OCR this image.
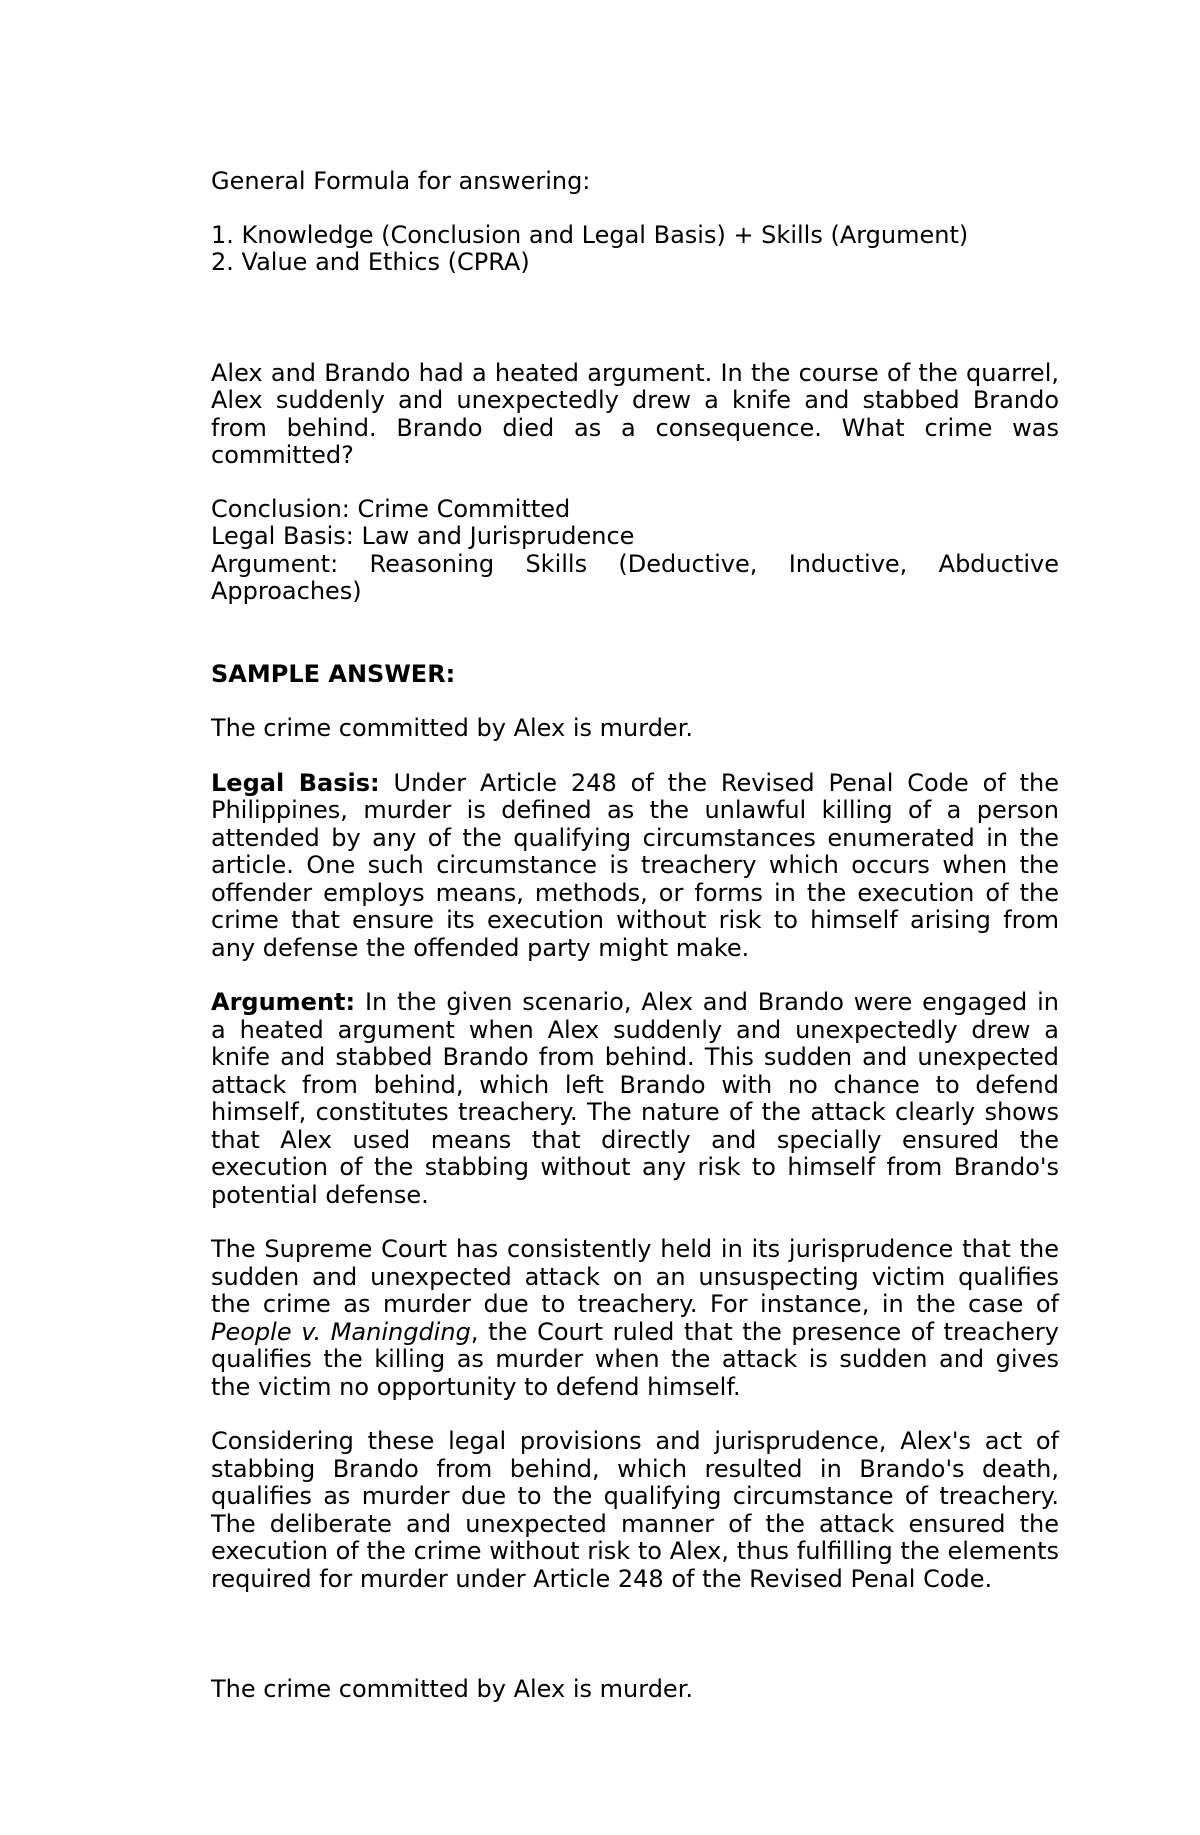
General Formula for answering:

1. Knowledge (Conclusion and Legal Basis) + Skills (Argument)

2. Value and Ethics (CPRA)

Alex and Brando had a heated argument. In the course of the quarrel, Alex suddenly and unexpectedly drew a knife and stabbed Brando from behind. Brando died as a consequence. What crime was committed?

Conclusion: Crime Committed

Legal Basis: Law and Jurisprudence

Argument: Reasoning Skills (Deductive, Inductive, Abductive Approaches)

SAMPLE ANSWER:

The crime committed by Alex is murder.

Legal Basis: Under Article 248 of the Revised Penal Code of the Philippines, murder is defined as the unlawful killing of a person attended by any of the qualifying circumstances enumerated in the article. One such circumstance is treachery which occurs when the offender employs means, methods, or forms in the execution of the crime that ensure its execution without risk to himself arising from any defense the offended party might make.

Argument: In the given scenario, Alex and Brando were engaged in a heated argument when Alex suddenly and unexpectedly drew a knife and stabbed Brando from behind. This sudden and unexpected attack from behind, which left Brando with no chance to defend himself, constitutes treachery. The nature of the attack clearly shows that Alex used means that directly and specially ensured the execution of the stabbing without any risk to himself from Brando's potential defense.

The Supreme Court has consistently held in its jurisprudence that the sudden and unexpected attack on an unsuspecting victim qualifies the crime as murder due to treachery. For instance, in the case of People v. Maningding, the Court ruled that the presence of treachery qualifies the killing as murder when the attack is sudden and gives the victim no opportunity to defend himself.

Considering these legal provisions and jurisprudence, Alex's act of stabbing Brando from behind, which resulted in Brando's death, qualifies as murder due to the qualifying circumstance of treachery. The deliberate and unexpected manner of the attack ensured the execution of the crime without risk to Alex, thus fulfilling the elements required for murder under Article 248 of the Revised Penal Code.

The crime committed by Alex is murder.
